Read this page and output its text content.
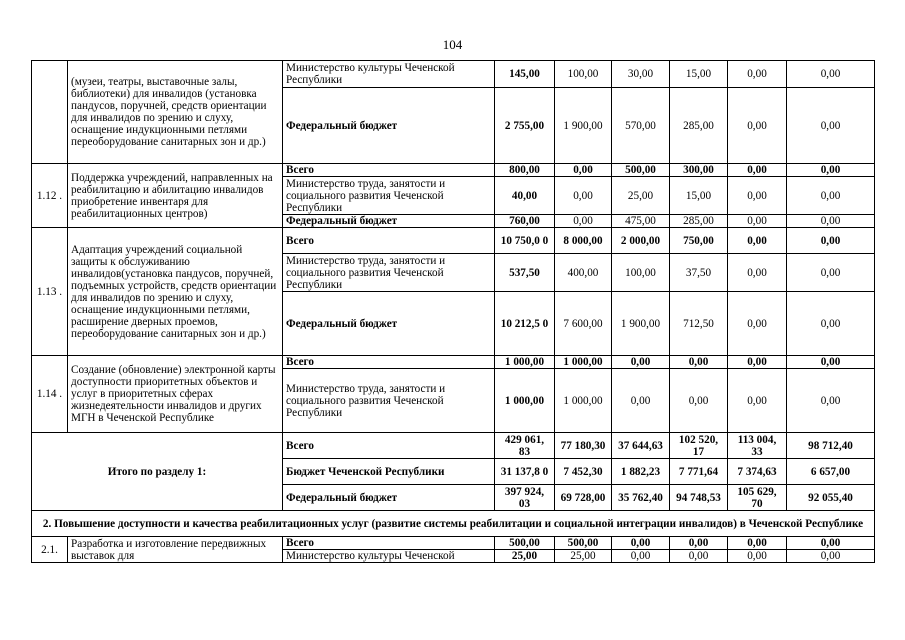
104
	(музеи, театры, выставочные залы, библиотеки) для инвалидов (установка пандусов, поручней, средств ориентации для инвалидов по зрению и слуху, оснащение индукционными петлями переоборудование санитарных зон и др.)	Министерство культуры Чеченской Республики	145,00	100,00	30,00	15,00	0,00	0,00
		Федеральный бюджет	2 755,00	1 900,00	570,00	285,00	0,00	0,00
1.12 .	Поддержка учреждений, направленных на реабилитацию и абилитацию инвалидов приобретение инвентаря для реабилитационных центров)	Всего	800,00	0,00	500,00	300,00	0,00	0,00
		Министерство труда, занятости и социального развития Чеченской Республики	40,00	0,00	25,00	15,00	0,00	0,00
		Федеральный бюджет	760,00	0,00	475,00	285,00	0,00	0,00
1.13 .	Адаптация учреждений социальной защиты к обслуживанию инвалидов(установка пандусов, поручней, подъемных устройств, средств ориентации для инвалидов по зрению и слуху, оснащение индукционными петлями, расширение дверных проемов, переоборудование санитарных зон и др.)	Всего	10 750,0 0	8 000,00	2 000,00	750,00	0,00	0,00
		Министерство труда, занятости и социального развития Чеченской Республики	537,50	400,00	100,00	37,50	0,00	0,00
		Федеральный бюджет	10 212,5 0	7 600,00	1 900,00	712,50	0,00	0,00
1.14 .	Создание (обновление) электронной карты доступности приоритетных объектов и услуг в приоритетных сферах жизнедеятельности инвалидов и других МГН в Чеченской Республике	Всего	1 000,00	1 000,00	0,00	0,00	0,00	0,00
		Министерство труда, занятости и социального развития Чеченской Республики	1 000,00	1 000,00	0,00	0,00	0,00	0,00
Итого по разделу 1:		Всего	429 061, 83	77 180,30	37 644,63	102 520, 17	113 004, 33	98 712,40
		Бюджет Чеченской Республики	31 137,8 0	7 452,30	1 882,23	7 771,64	7 374,63	6 657,00
		Федеральный бюджет	397 924, 03	69 728,00	35 762,40	94 748,53	105 629, 70	92 055,40
2. Повышение доступности и качества реабилитационных услуг (развитие системы реабилитации и социальной интеграции инвалидов) в Чеченской Республике								
2.1.	Разработка и изготовление передвижных выставок для	Всего	500,00	500,00	0,00	0,00	0,00	0,00
		Министерство культуры Чеченской	25,00	25,00	0,00	0,00	0,00	0,00
